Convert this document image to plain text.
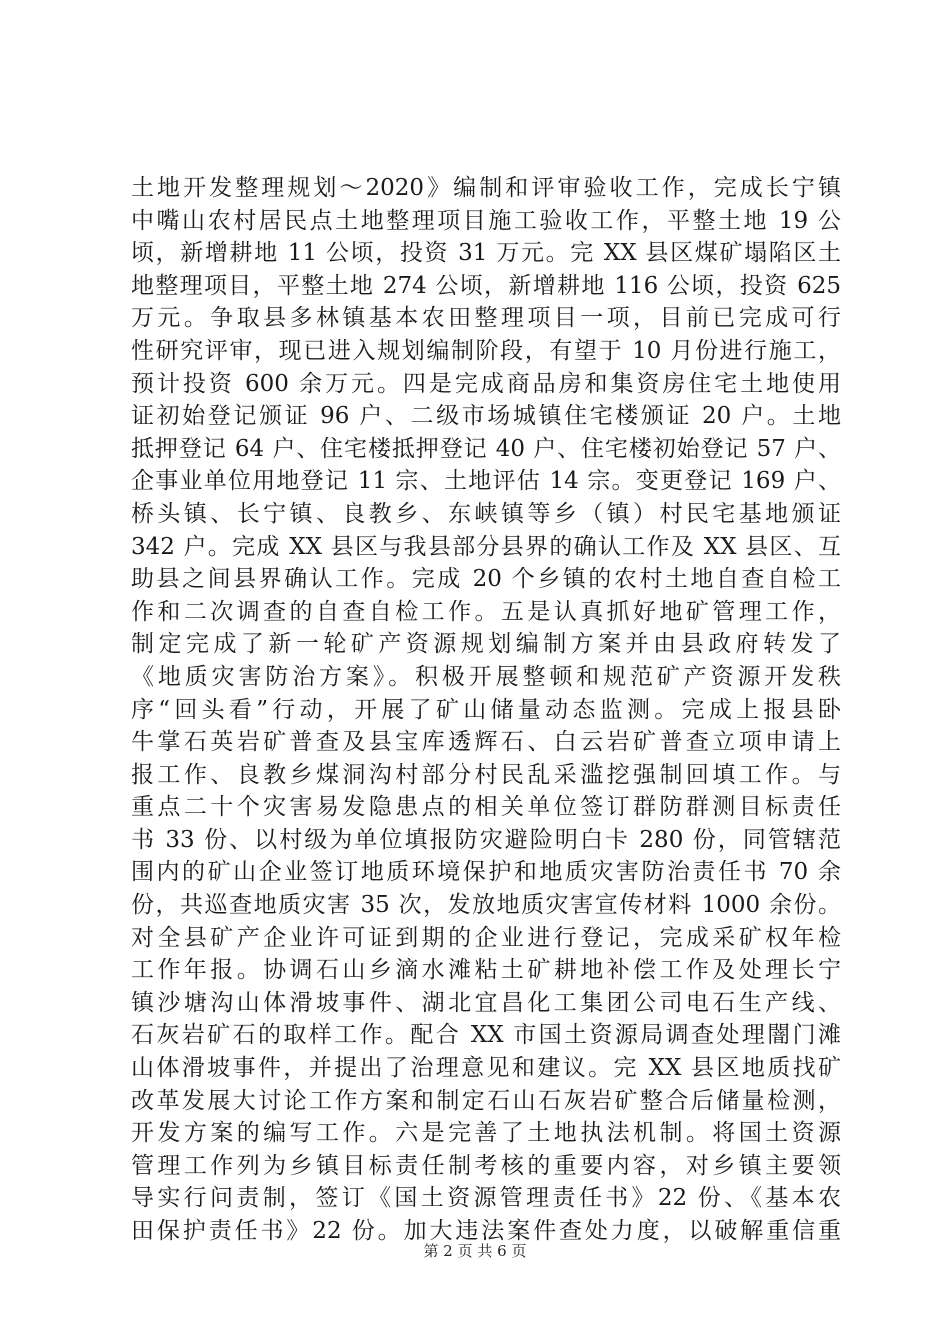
土地开发整理规划～2020》编制和评审验收工作，完成长宁镇
中嘴山农村居民点土地整理项目施工验收工作，平整土地 19 公
顷，新增耕地 11 公顷，投资 31 万元。完 XX 县区煤矿塌陷区土
地整理项目，平整土地 274 公顷，新增耕地 116 公顷，投资 625
万元。争取县多林镇基本农田整理项目一项，目前已完成可行
性研究评审，现已进入规划编制阶段，有望于 10 月份进行施工，
预计投资 600 余万元。四是完成商品房和集资房住宅土地使用
证初始登记颁证 96 户、二级市场城镇住宅楼颁证 20 户。土地
抵押登记 64 户、住宅楼抵押登记 40 户、住宅楼初始登记 57 户、
企事业单位用地登记 11 宗、土地评估 14 宗。变更登记 169 户、
桥头镇、长宁镇、良教乡、东峡镇等乡（镇）村民宅基地颁证
342 户。完成 XX 县区与我县部分县界的确认工作及 XX 县区、互
助县之间县界确认工作。完成 20 个乡镇的农村土地自查自检工
作和二次调查的自查自检工作。五是认真抓好地矿管理工作，
制定完成了新一轮矿产资源规划编制方案并由县政府转发了
《地质灾害防治方案》。积极开展整顿和规范矿产资源开发秩
序“回头看”行动，开展了矿山储量动态监测。完成上报县卧
牛掌石英岩矿普查及县宝库透辉石、白云岩矿普查立项申请上
报工作、良教乡煤洞沟村部分村民乱采滥挖强制回填工作。与
重点二十个灾害易发隐患点的相关单位签订群防群测目标责任
书 33 份、以村级为单位填报防灾避险明白卡 280 份，同管辖范
围内的矿山企业签订地质环境保护和地质灾害防治责任书 70 余
份，共巡查地质灾害 35 次，发放地质灾害宣传材料 1000 余份。
对全县矿产企业许可证到期的企业进行登记，完成采矿权年检
工作年报。协调石山乡滴水滩粘土矿耕地补偿工作及处理长宁
镇沙塘沟山体滑坡事件、湖北宜昌化工集团公司电石生产线、
石灰岩矿石的取样工作。配合 XX 市国土资源局调查处理闇门滩
山体滑坡事件，并提出了治理意见和建议。完 XX 县区地质找矿
改革发展大讨论工作方案和制定石山石灰岩矿整合后储量检测，
开发方案的编写工作。六是完善了土地执法机制。将国土资源
管理工作列为乡镇目标责任制考核的重要内容，对乡镇主要领
导实行问责制，签订《国土资源管理责任书》22 份、《基本农
田保护责任书》22 份。加大违法案件查处力度，以破解重信重
第 2 页 共 6 页
